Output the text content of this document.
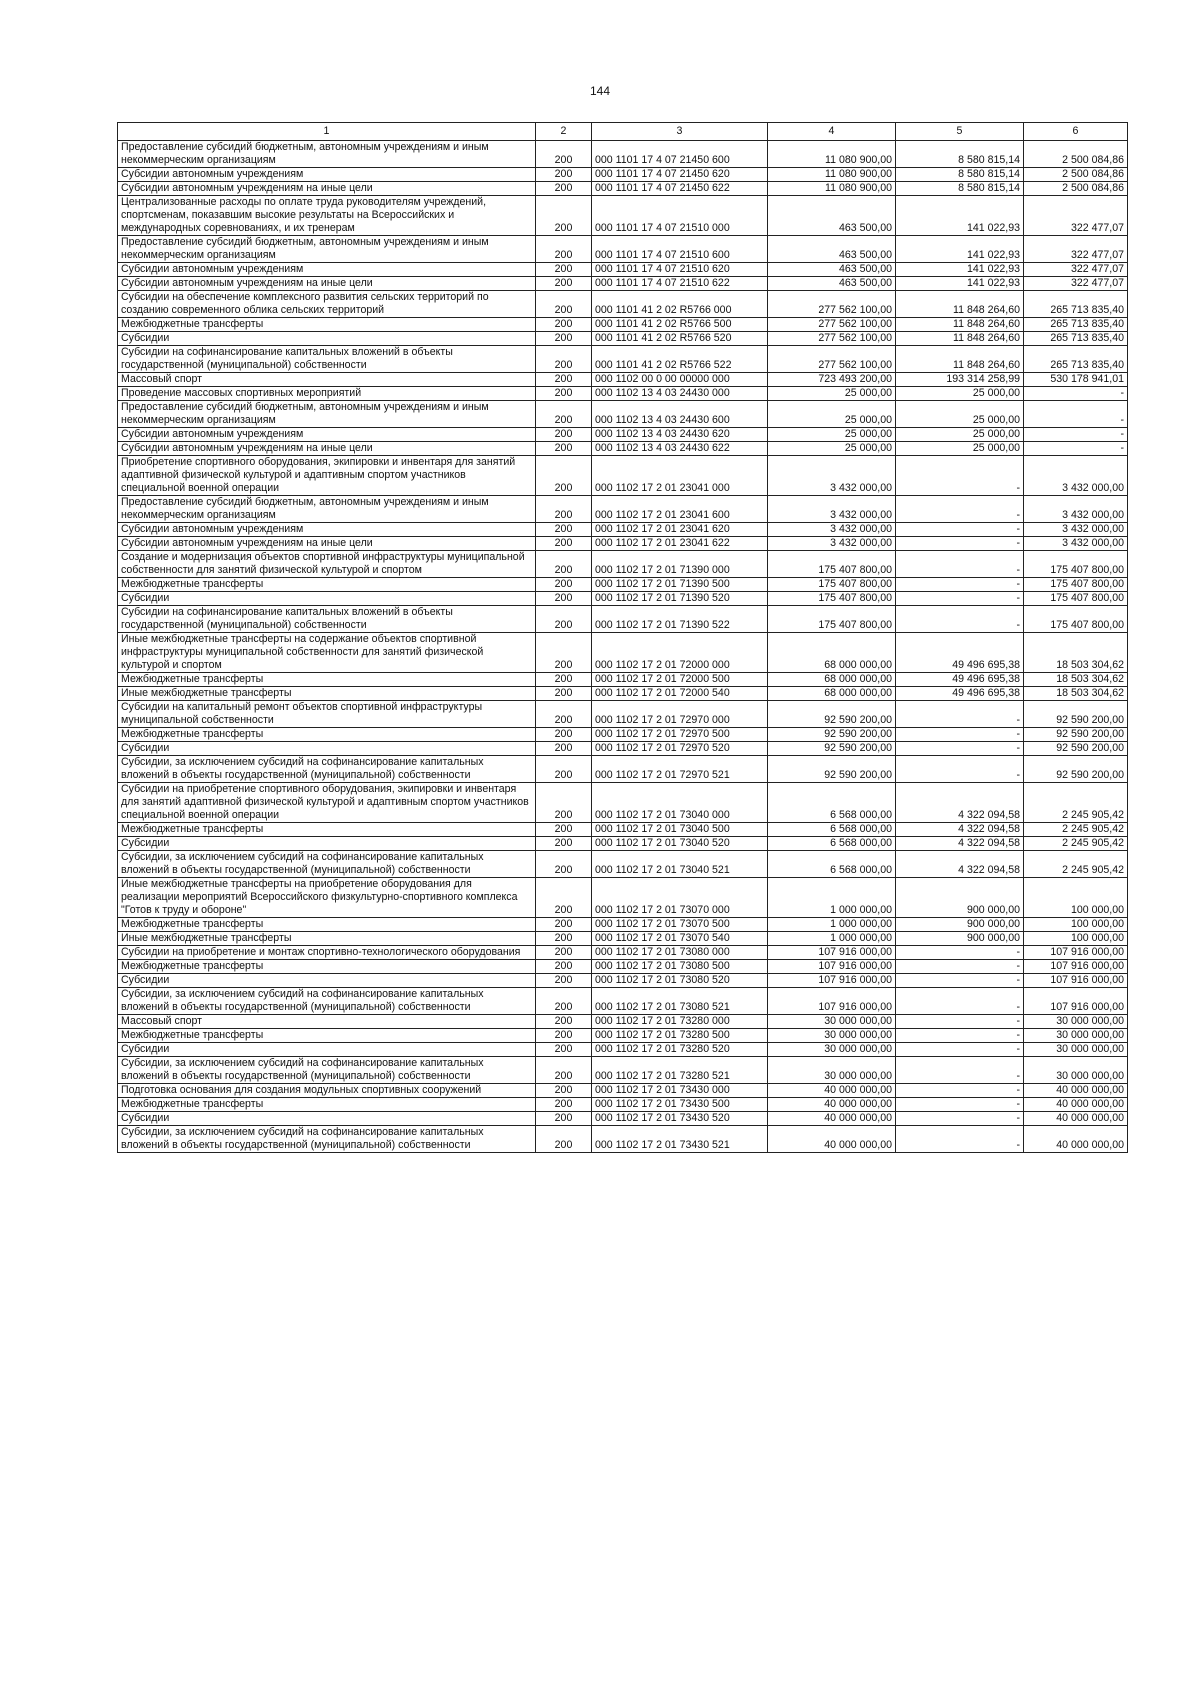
144
1	2	3	4	5	6
Предоставление субсидий бюджетным, автономным учреждениям и иным некоммерческим организациям	200	000 1101 17 4 07 21450 600	11 080 900,00	8 580 815,14	2 500 084,86
Субсидии автономным учреждениям	200	000 1101 17 4 07 21450 620	11 080 900,00	8 580 815,14	2 500 084,86
Субсидии автономным учреждениям на иные цели	200	000 1101 17 4 07 21450 622	11 080 900,00	8 580 815,14	2 500 084,86
Централизованные расходы по оплате труда руководителям учреждений, спортсменам, показавшим высокие результаты на Всероссийских и международных соревнованиях, и их тренерам	200	000 1101 17 4 07 21510 000	463 500,00	141 022,93	322 477,07
Предоставление субсидий бюджетным, автономным учреждениям и иным некоммерческим организациям	200	000 1101 17 4 07 21510 600	463 500,00	141 022,93	322 477,07
Субсидии автономным учреждениям	200	000 1101 17 4 07 21510 620	463 500,00	141 022,93	322 477,07
Субсидии автономным учреждениям на иные цели	200	000 1101 17 4 07 21510 622	463 500,00	141 022,93	322 477,07
Субсидии на обеспечение комплексного развития сельских территорий по созданию современного облика сельских территорий	200	000 1101 41 2 02 R5766 000	277 562 100,00	11 848 264,60	265 713 835,40
Межбюджетные трансферты	200	000 1101 41 2 02 R5766 500	277 562 100,00	11 848 264,60	265 713 835,40
Субсидии	200	000 1101 41 2 02 R5766 520	277 562 100,00	11 848 264,60	265 713 835,40
Субсидии на софинансирование капитальных вложений в объекты государственной (муниципальной) собственности	200	000 1101 41 2 02 R5766 522	277 562 100,00	11 848 264,60	265 713 835,40
Массовый спорт	200	000 1102 00 0 00 00000 000	723 493 200,00	193 314 258,99	530 178 941,01
Проведение массовых спортивных мероприятий	200	000 1102 13 4 03 24430 000	25 000,00	25 000,00	-
Предоставление субсидий бюджетным, автономным учреждениям и иным некоммерческим организациям	200	000 1102 13 4 03 24430 600	25 000,00	25 000,00	-
Субсидии автономным учреждениям	200	000 1102 13 4 03 24430 620	25 000,00	25 000,00	-
Субсидии автономным учреждениям на иные цели	200	000 1102 13 4 03 24430 622	25 000,00	25 000,00	-
Приобретение спортивного оборудования, экипировки и инвентаря для занятий адаптивной физической культурой и адаптивным спортом участников специальной военной операции	200	000 1102 17 2 01 23041 000	3 432 000,00	-	3 432 000,00
Предоставление субсидий бюджетным, автономным учреждениям и иным некоммерческим организациям	200	000 1102 17 2 01 23041 600	3 432 000,00	-	3 432 000,00
Субсидии автономным учреждениям	200	000 1102 17 2 01 23041 620	3 432 000,00	-	3 432 000,00
Субсидии автономным учреждениям на иные цели	200	000 1102 17 2 01 23041 622	3 432 000,00	-	3 432 000,00
Создание и модернизация объектов спортивной инфраструктуры муниципальной собственности для занятий физической культурой и спортом	200	000 1102 17 2 01 71390 000	175 407 800,00	-	175 407 800,00
Межбюджетные трансферты	200	000 1102 17 2 01 71390 500	175 407 800,00	-	175 407 800,00
Субсидии	200	000 1102 17 2 01 71390 520	175 407 800,00	-	175 407 800,00
Субсидии на софинансирование капитальных вложений в объекты государственной (муниципальной) собственности	200	000 1102 17 2 01 71390 522	175 407 800,00	-	175 407 800,00
Иные межбюджетные трансферты на содержание объектов спортивной инфраструктуры муниципальной собственности для занятий физической культурой и спортом	200	000 1102 17 2 01 72000 000	68 000 000,00	49 496 695,38	18 503 304,62
Межбюджетные трансферты	200	000 1102 17 2 01 72000 500	68 000 000,00	49 496 695,38	18 503 304,62
Иные межбюджетные трансферты	200	000 1102 17 2 01 72000 540	68 000 000,00	49 496 695,38	18 503 304,62
Субсидии на капитальный ремонт объектов спортивной инфраструктуры муниципальной собственности	200	000 1102 17 2 01 72970 000	92 590 200,00	-	92 590 200,00
Межбюджетные трансферты	200	000 1102 17 2 01 72970 500	92 590 200,00	-	92 590 200,00
Субсидии	200	000 1102 17 2 01 72970 520	92 590 200,00	-	92 590 200,00
Субсидии, за исключением субсидий на софинансирование капитальных вложений в объекты государственной (муниципальной) собственности	200	000 1102 17 2 01 72970 521	92 590 200,00	-	92 590 200,00
Субсидии на приобретение спортивного оборудования, экипировки и инвентаря для занятий адаптивной физической культурой и адаптивным спортом участников специальной военной операции	200	000 1102 17 2 01 73040 000	6 568 000,00	4 322 094,58	2 245 905,42
Межбюджетные трансферты	200	000 1102 17 2 01 73040 500	6 568 000,00	4 322 094,58	2 245 905,42
Субсидии	200	000 1102 17 2 01 73040 520	6 568 000,00	4 322 094,58	2 245 905,42
Субсидии, за исключением субсидий на софинансирование капитальных вложений в объекты государственной (муниципальной) собственности	200	000 1102 17 2 01 73040 521	6 568 000,00	4 322 094,58	2 245 905,42
Иные межбюджетные трансферты на приобретение оборудования для реализации мероприятий Всероссийского физкультурно-спортивного комплекса "Готов к труду и обороне"	200	000 1102 17 2 01 73070 000	1 000 000,00	900 000,00	100 000,00
Межбюджетные трансферты	200	000 1102 17 2 01 73070 500	1 000 000,00	900 000,00	100 000,00
Иные межбюджетные трансферты	200	000 1102 17 2 01 73070 540	1 000 000,00	900 000,00	100 000,00
Субсидии на приобретение и монтаж спортивно-технологического оборудования	200	000 1102 17 2 01 73080 000	107 916 000,00	-	107 916 000,00
Межбюджетные трансферты	200	000 1102 17 2 01 73080 500	107 916 000,00	-	107 916 000,00
Субсидии	200	000 1102 17 2 01 73080 520	107 916 000,00	-	107 916 000,00
Субсидии, за исключением субсидий на софинансирование капитальных вложений в объекты государственной (муниципальной) собственности	200	000 1102 17 2 01 73080 521	107 916 000,00	-	107 916 000,00
Массовый спорт	200	000 1102 17 2 01 73280 000	30 000 000,00	-	30 000 000,00
Межбюджетные трансферты	200	000 1102 17 2 01 73280 500	30 000 000,00	-	30 000 000,00
Субсидии	200	000 1102 17 2 01 73280 520	30 000 000,00	-	30 000 000,00
Субсидии, за исключением субсидий на софинансирование капитальных вложений в объекты государственной (муниципальной) собственности	200	000 1102 17 2 01 73280 521	30 000 000,00	-	30 000 000,00
Подготовка основания для создания модульных спортивных сооружений	200	000 1102 17 2 01 73430 000	40 000 000,00	-	40 000 000,00
Межбюджетные трансферты	200	000 1102 17 2 01 73430 500	40 000 000,00	-	40 000 000,00
Субсидии	200	000 1102 17 2 01 73430 520	40 000 000,00	-	40 000 000,00
Субсидии, за исключением субсидий на софинансирование капитальных вложений в объекты государственной (муниципальной) собственности	200	000 1102 17 2 01 73430 521	40 000 000,00	-	40 000 000,00
